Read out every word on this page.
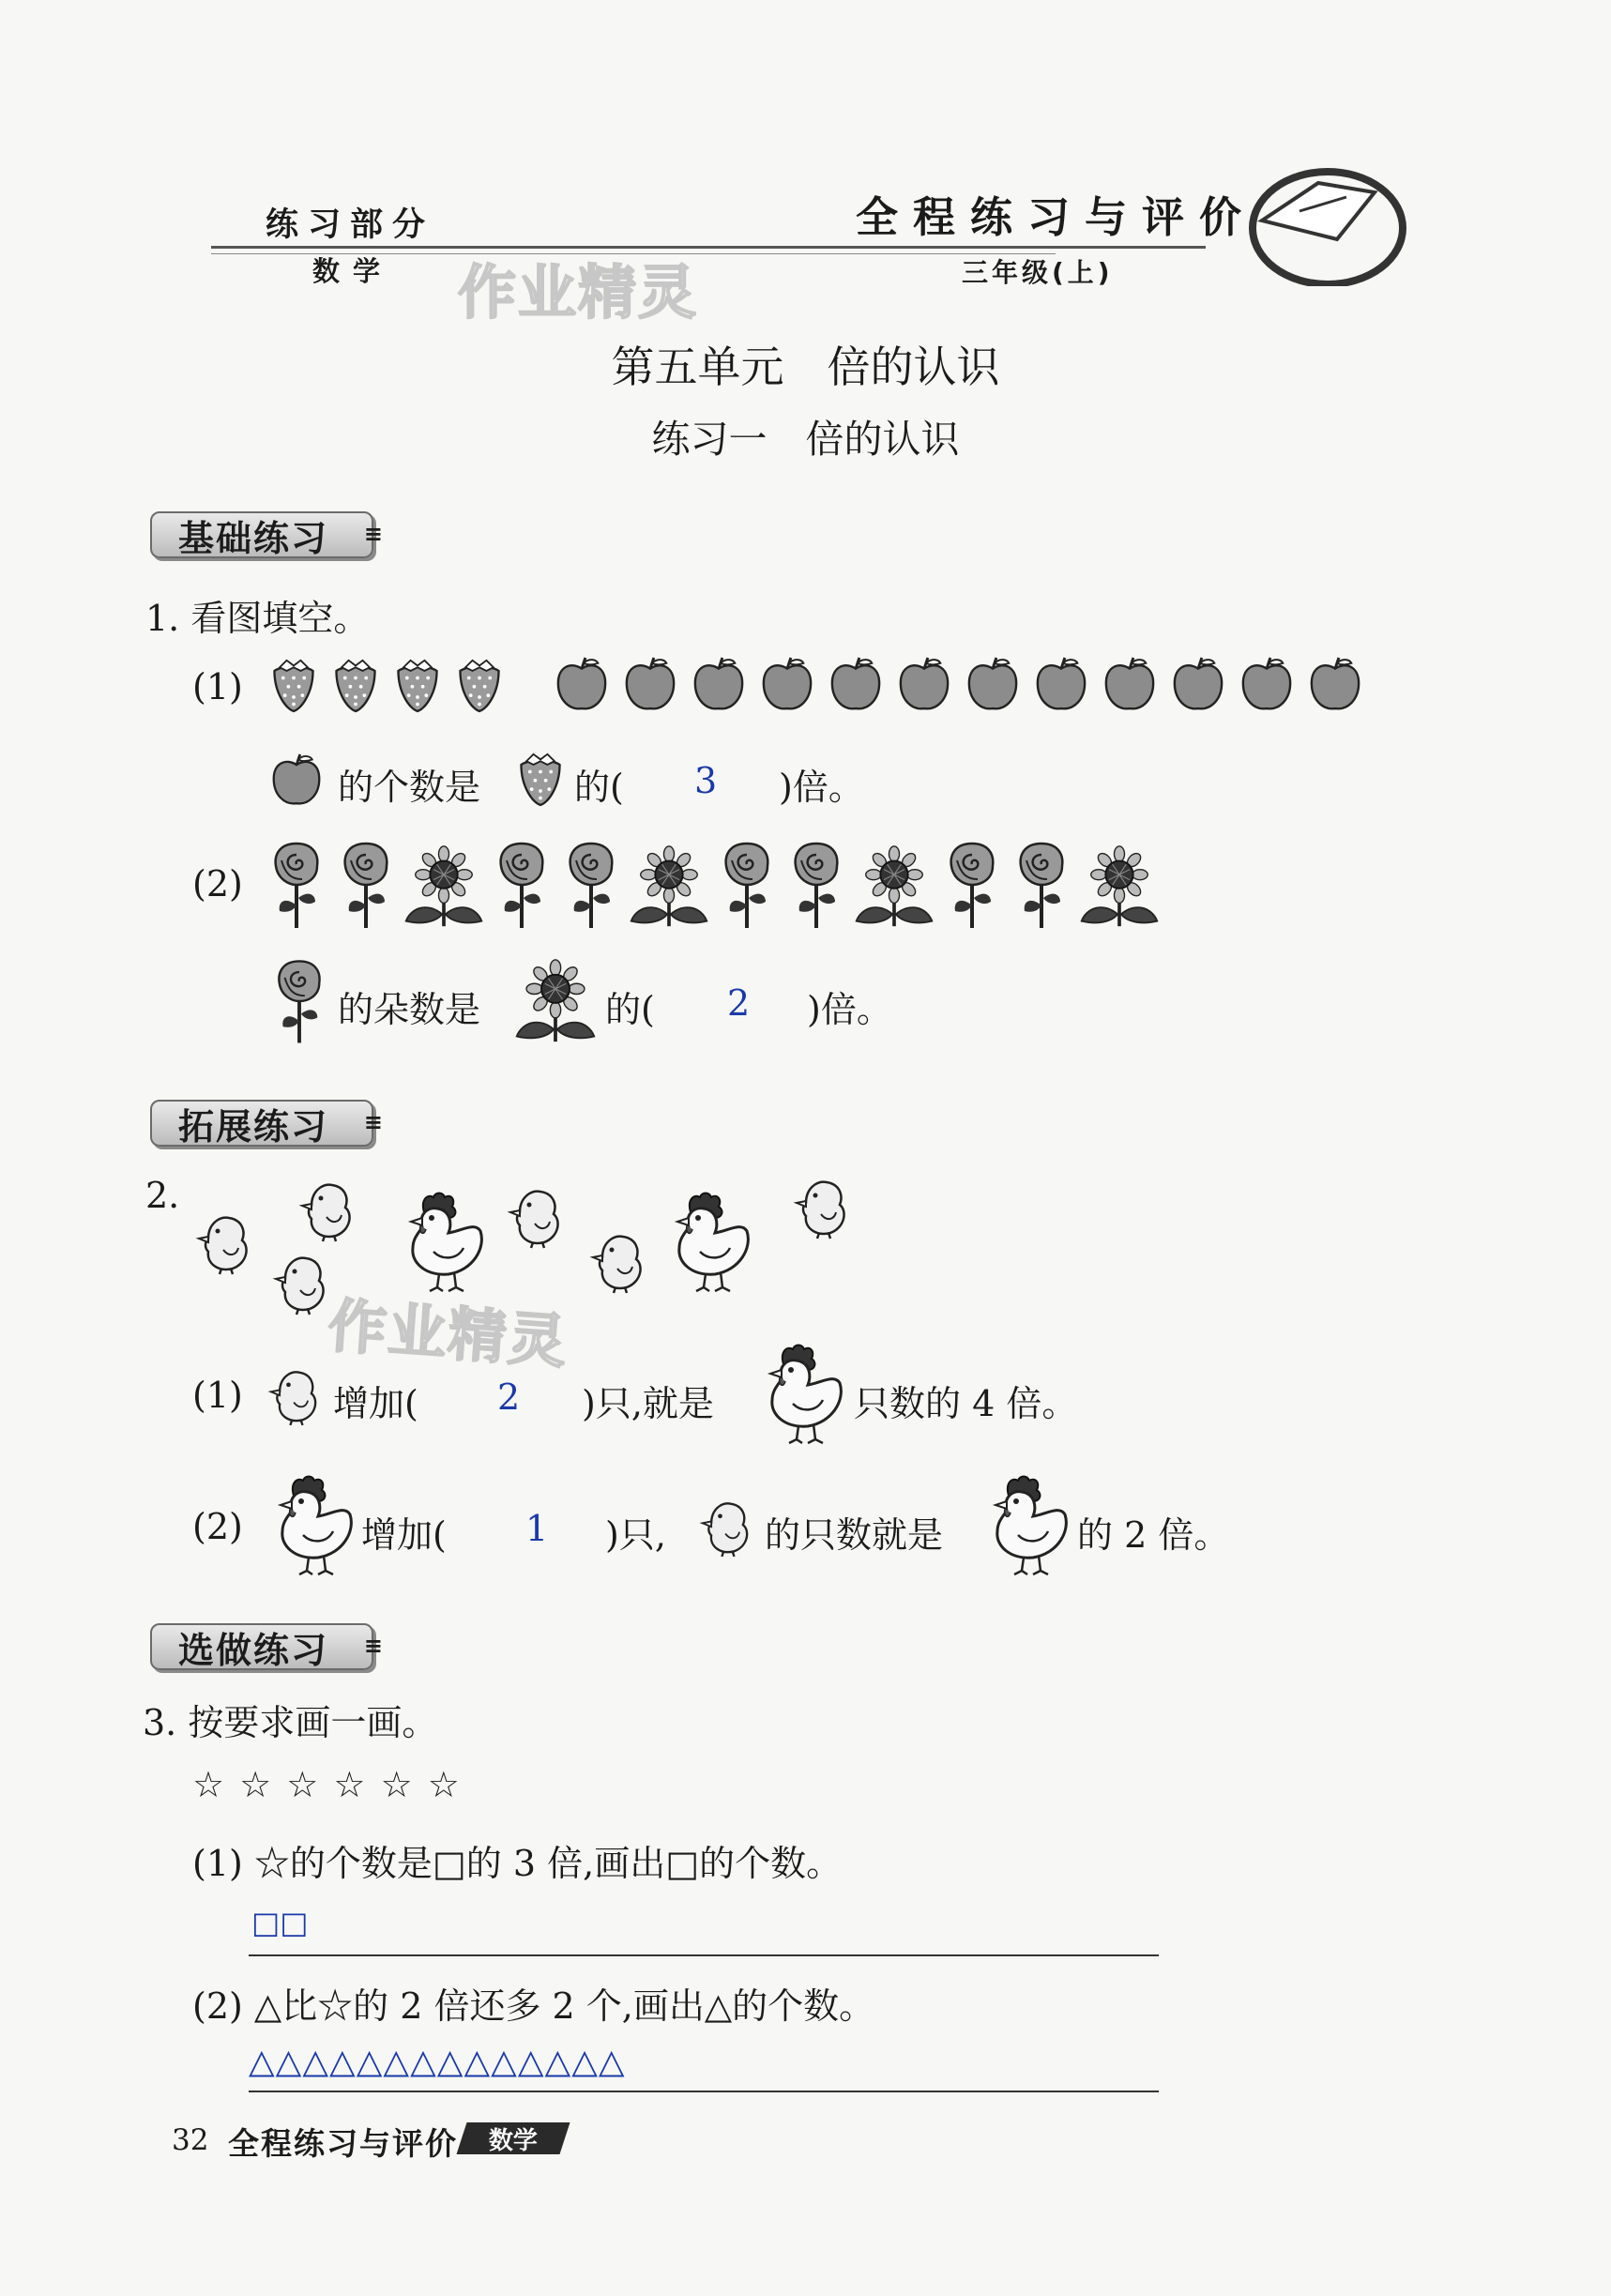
练习部分
数学
全程练习与评价
三年级(上)
作业精灵
第五单元　倍的认识
练习一　倍的认识
基础练习 ≡
1. 看图填空。
(1)
的个数是	的( 3 )倍。
(2)
的朵数是	的( 2 )倍。
拓展练习 ≡
2.
作业精灵
(1)	增加( 2 )只,就是	只数的 4 倍。
(2)	增加( 1 )只,	的只数就是	的 2 倍。
选做练习 ≡
3. 按要求画一画。
☆ ☆ ☆ ☆ ☆ ☆
(1) ☆的个数是□的 3 倍,画出□的个数。
□□
(2) △比☆的 2 倍还多 2 个,画出△的个数。
△△△△△△△△△△△△△△
32 全程练习与评价 数学
